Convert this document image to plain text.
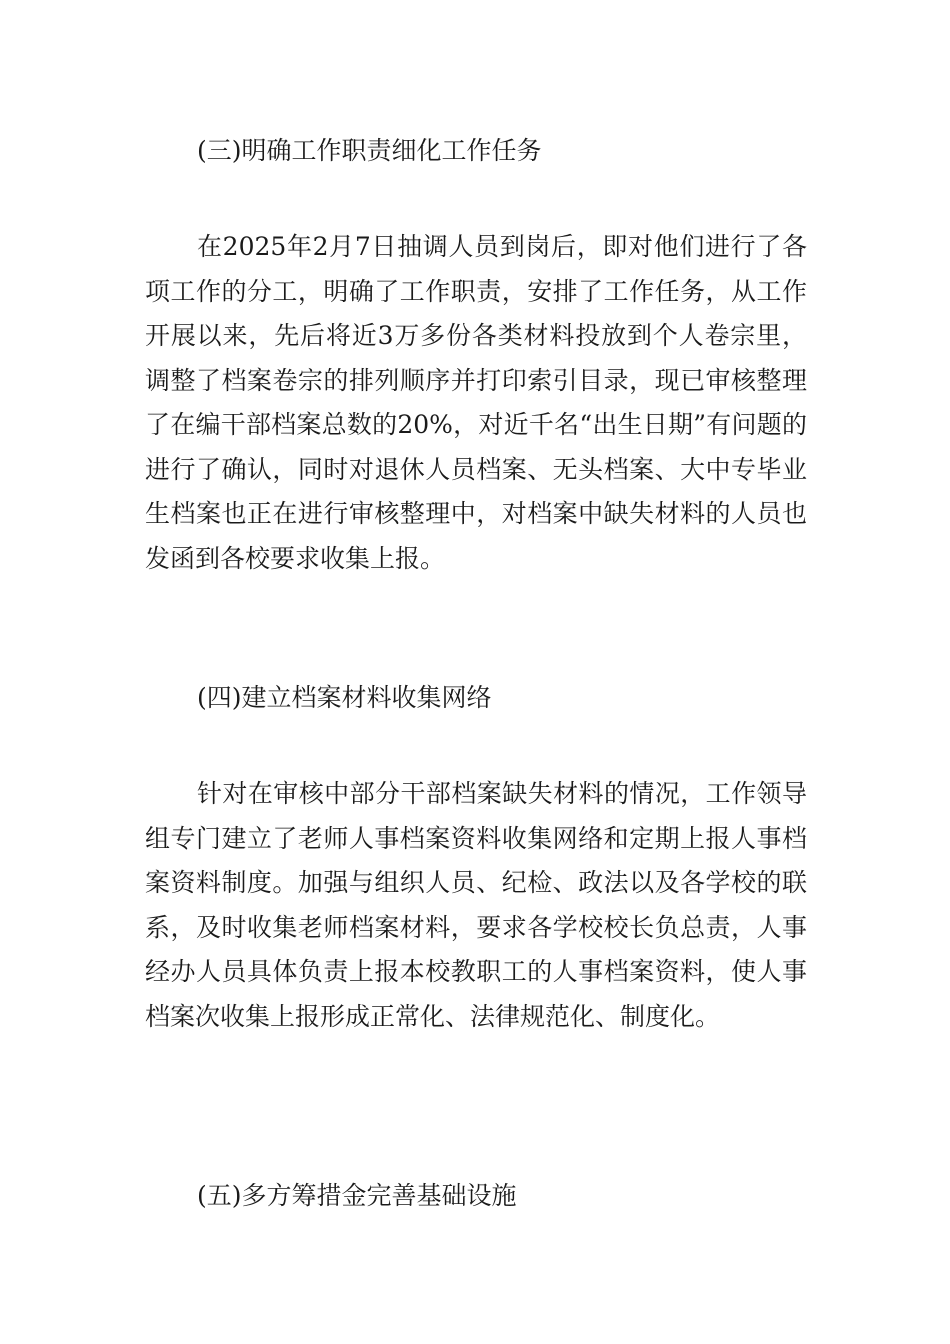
(三)明确工作职责细化工作任务

在2025年2月7日抽调人员到岗后，即对他们进行了各项工作的分工，明确了工作职责，安排了工作任务，从工作开展以来，先后将近3万多份各类材料投放到个人卷宗里，调整了档案卷宗的排列顺序并打印索引目录，现已审核整理了在编干部档案总数的20%，对近千名“出生日期”有问题的进行了确认，同时对退休人员档案、无头档案、大中专毕业生档案也正在进行审核整理中，对档案中缺失材料的人员也发函到各校要求收集上报。

(四)建立档案材料收集网络

针对在审核中部分干部档案缺失材料的情况，工作领导组专门建立了老师人事档案资料收集网络和定期上报人事档案资料制度。加强与组织人员、纪检、政法以及各学校的联系，及时收集老师档案材料，要求各学校校长负总责，人事经办人员具体负责上报本校教职工的人事档案资料，使人事档案次收集上报形成正常化、法律规范化、制度化。

(五)多方筹措金完善基础设施
